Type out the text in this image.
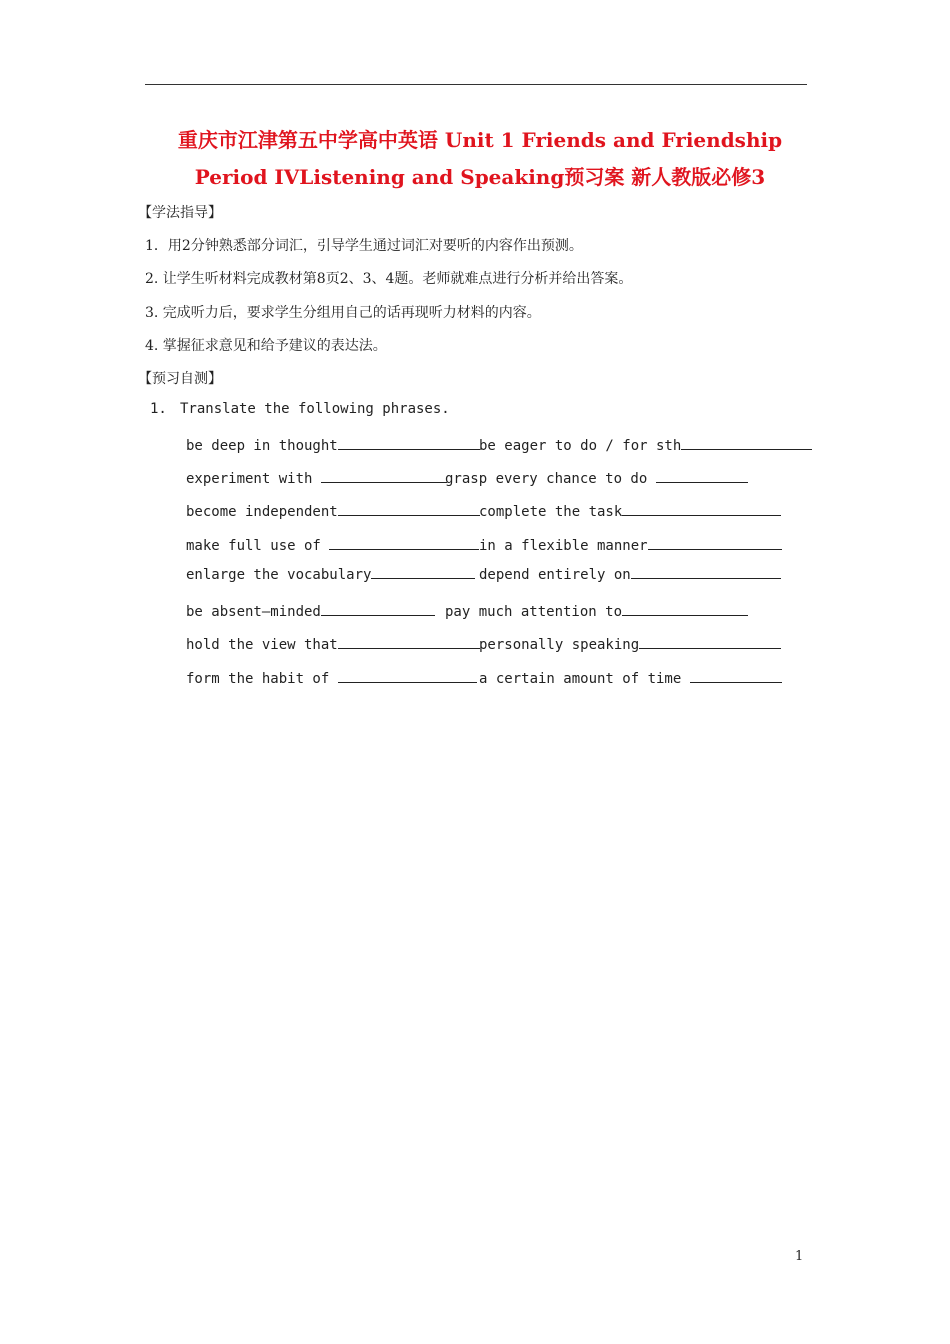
重庆市江津第五中学高中英语 Unit 1 Friends and Friendship
Period IVListening and Speaking预习案 新人教版必修3
【学法指导】
1．用2分钟熟悉部分词汇，引导学生通过词汇对要听的内容作出预测。
2. 让学生听材料完成教材第8页2、3、4题。老师就难点进行分析并给出答案。
3. 完成听力后，要求学生分组用自己的话再现听力材料的内容。
4. 掌握征求意见和给予建议的表达法。
【预习自测】
1. Translate the following phrases.
be deep in thought	be eager to do / for sth
experiment with	grasp every chance to do
become independent	complete the task
make full use of	in a flexible manner
enlarge the vocabulary	depend entirely on
be absent—minded	pay much attention to
hold the view that	personally speaking
form the habit of	a certain amount of time
1
